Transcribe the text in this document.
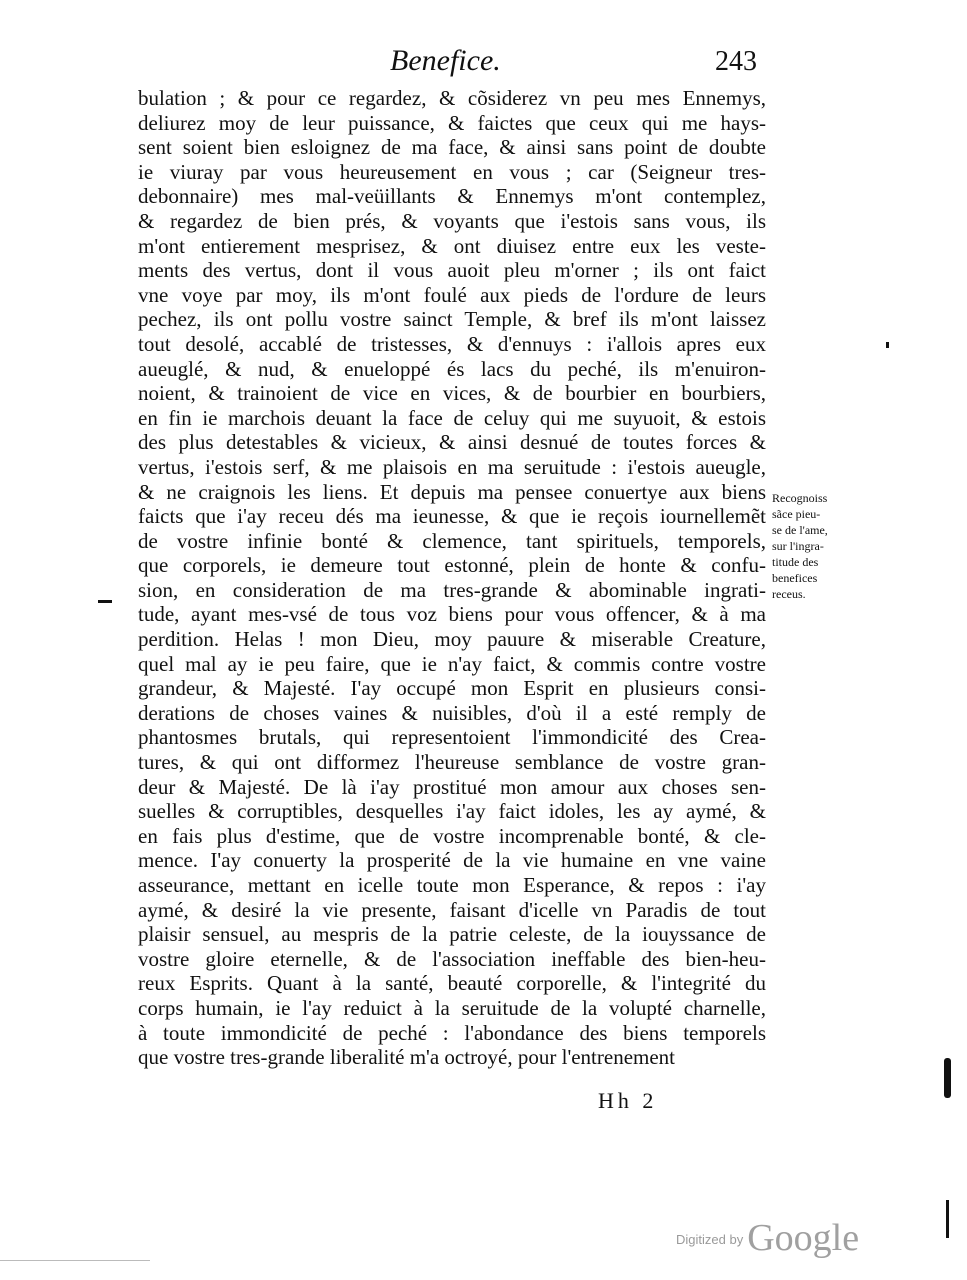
Benefice.	243
bulation ; & pour ce regardez, & cõsiderez vn peu mes Ennemys,
deliurez moy de leur puissance, & faictes que ceux qui me hays-
sent soient bien esloignez de ma face, & ainsi sans point de doubte
ie viuray par vous heureusement en vous ; car (Seigneur tres-
debonnaire) mes mal-veüillants & Ennemys m'ont contemplez,
& regardez de bien prés, & voyants que i'estois sans vous, ils
m'ont entierement mesprisez, & ont diuisez entre eux les veste-
ments des vertus, dont il vous auoit pleu m'orner ; ils ont faict
vne voye par moy, ils m'ont foulé aux pieds de l'ordure de leurs
pechez, ils ont pollu vostre sainct Temple, & bref ils m'ont laissez
tout desolé, accablé de tristesses, & d'ennuys : i'allois apres eux
aueuglé, & nud, & enueloppé és lacs du peché, ils m'enuiron-
noient, & trainoient de vice en vices, & de bourbier en bourbiers,
en fin ie marchois deuant la face de celuy qui me suyuoit, & estois
des plus detestables & vicieux, & ainsi desnué de toutes forces &
vertus, i'estois serf, & me plaisois en ma seruitude : i'estois aueugle,
& ne craignois les liens. Et depuis ma pensee conuertye aux biens
faicts que i'ay receu dés ma ieunesse, & que ie reçois iournellemẽt
de vostre infinie bonté & clemence, tant spirituels, temporels,
que corporels, ie demeure tout estonné, plein de honte & confu-
sion, en consideration de ma tres-grande & abominable ingrati-
tude, ayant mes-vsé de tous voz biens pour vous offencer, & à ma
perdition. Helas ! mon Dieu, moy pauure & miserable Creature,
quel mal ay ie peu faire, que ie n'ay faict, & commis contre vostre
grandeur, & Majesté. I'ay occupé mon Esprit en plusieurs consi-
derations de choses vaines & nuisibles, d'où il a esté remply de
phantosmes brutals, qui representoient l'immondicité des Crea-
tures, & qui ont difformez l'heureuse semblance de vostre gran-
deur & Majesté. De là i'ay prostitué mon amour aux choses sen-
suelles & corruptibles, desquelles i'ay faict idoles, les ay aymé, &
en fais plus d'estime, que de vostre incomprenable bonté, & cle-
mence. I'ay conuerty la prosperité de la vie humaine en vne vaine
asseurance, mettant en icelle toute mon Esperance, & repos : i'ay
aymé, & desiré la vie presente, faisant d'icelle vn Paradis de tout
plaisir sensuel, au mespris de la patrie celeste, de la iouyssance de
vostre gloire eternelle, & de l'association ineffable des bien-heu-
reux Esprits. Quant à la santé, beauté corporelle, & l'integrité du
corps humain, ie l'ay reduict à la seruitude de la volupté charnelle,
à toute immondicité de peché : l'abondance des biens temporels
que vostre tres-grande liberalité m'a octroyé, pour l'entrenement
Recognoiss
sãce pieu-
se de l'ame,
sur l'ingra-
titude des
benefices
receus.
Hh 2
$^{Digitized by}$ Google
